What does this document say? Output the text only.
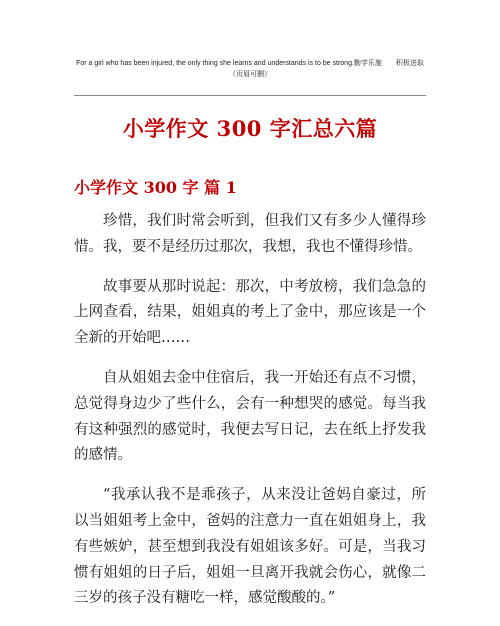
For a girl who has been injured, the only thing she learns and understands is to be strong.勤学乐施　　积极进取
（页眉可删）
小学作文 300 字汇总六篇
小学作文 300 字 篇 1

珍惜，我们时常会听到，但我们又有多少人懂得珍惜。我，要不是经历过那次，我想，我也不懂得珍惜。

故事要从那时说起：那次，中考放榜，我们急急的上网查看，结果，姐姐真的考上了金中，那应该是一个全新的开始吧……

自从姐姐去金中住宿后，我一开始还有点不习惯，总觉得身边少了些什么，会有一种想哭的感觉。每当我有这种强烈的感觉时，我便去写日记，去在纸上抒发我的感情。

“我承认我不是乖孩子，从来没让爸妈自豪过，所以当姐姐考上金中，爸妈的注意力一直在姐姐身上，我有些嫉妒，甚至想到我没有姐姐该多好。可是，当我习惯有姐姐的日子后，姐姐一旦离开我就会伤心，就像二三岁的孩子没有糖吃一样，感觉酸酸的。”
